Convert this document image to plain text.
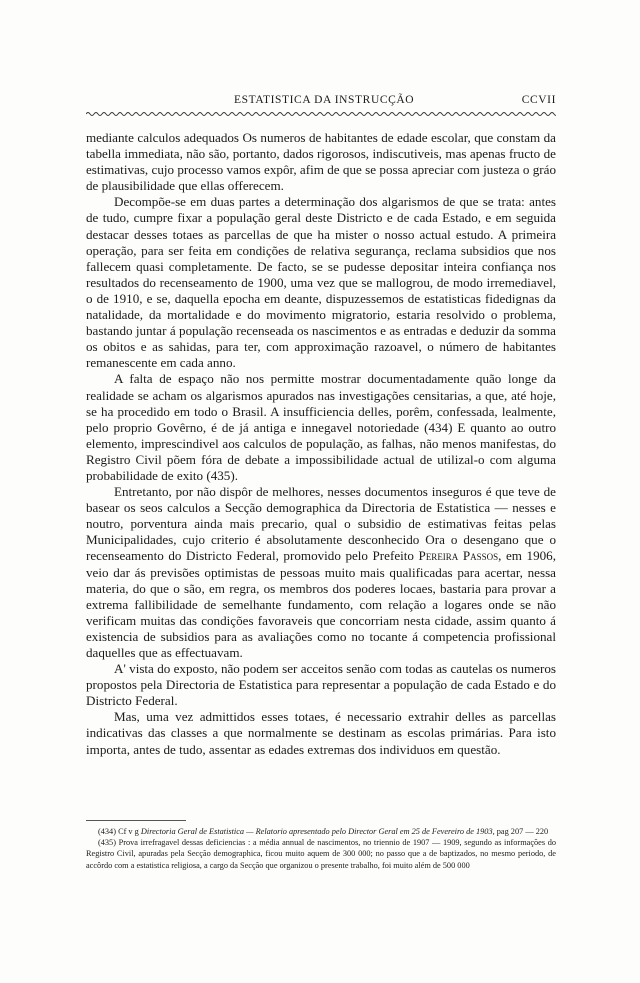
ESTATISTICA DA INSTRUCÇÃO	CCVII

mediante calculos adequados Os numeros de habitantes de edade escolar, que constam da tabella immediata, não são, portanto, dados rigorosos, indiscutiveis, mas apenas fructo de estimativas, cujo processo vamos expôr, afim de que se possa apreciar com justeza o gráo de plausibilidade que ellas offerecem.

Decompõe-se em duas partes a determinação dos algarismos de que se trata: antes de tudo, cumpre fixar a população geral deste Districto e de cada Estado, e em seguida destacar desses totaes as parcellas de que ha mister o nosso actual estudo. A primeira operação, para ser feita em condições de relativa segurança, reclama subsidios que nos fallecem quasi completamente. De facto, se se pudesse depositar inteira confiança nos resultados do recenseamento de 1900, uma vez que se mallogrou, de modo irremediavel, o de 1910, e se, daquella epocha em deante, dispuzessemos de estatisticas fidedignas da natalidade, da mortalidade e do movimento migratorio, estaria resolvido o problema, bastando juntar á população recenseada os nascimentos e as entradas e deduzir da somma os obitos e as sahidas, para ter, com approximação razoavel, o número de habitantes remanescente em cada anno.

A falta de espaço não nos permitte mostrar documentadamente quão longe da realidade se acham os algarismos apurados nas investigações censitarias, a que, até hoje, se ha procedido em todo o Brasil. A insufficiencia delles, porêm, confessada, lealmente, pelo proprio Govêrno, é de já antiga e innegavel notoriedade (434) E quanto ao outro elemento, imprescindivel aos calculos de população, as falhas, não menos manifestas, do Registro Civil põem fóra de debate a impossibilidade actual de utilizal-o com alguma probabilidade de exito (435).

Entretanto, por não dispôr de melhores, nesses documentos inseguros é que teve de basear os seos calculos a Secção demographica da Directoria de Estatistica — nesses e noutro, porventura ainda mais precario, qual o subsidio de estimativas feitas pelas Municipalidades, cujo criterio é absolutamente desconhecido Ora o desengano que o recenseamento do Districto Federal, promovido pelo Prefeito Pereira Passos, em 1906, veio dar ás previsões optimistas de pessoas muito mais qualificadas para acertar, nessa materia, do que o são, em regra, os membros dos poderes locaes, bastaria para provar a extrema fallibilidade de semelhante fundamento, com relação a logares onde se não verificam muitas das condições favoraveis que concorriam nesta cidade, assim quanto á existencia de subsidios para as avaliações como no tocante á competencia profissional daquelles que as effectuavam.

A' vista do exposto, não podem ser acceitos senão com todas as cautelas os numeros propostos pela Directoria de Estatistica para representar a população de cada Estado e do Districto Federal.

Mas, uma vez admittidos esses totaes, é necessario extrahir delles as parcellas indicativas das classes a que normalmente se destinam as escolas primárias. Para isto importa, antes de tudo, assentar as edades extremas dos individuos em questão.

(434) Cf v g Directoria Geral de Estatistica — Relatorio apresentado pelo Director Geral em 25 de Fevereiro de 1903, pag 207 — 220

(435) Prova irrefragavel dessas deficiencias : a média annual de nascimentos, no triennio de 1907 — 1909, segundo as informações do Registro Civil, apuradas pela Secção demographica, ficou muito aquem de 300 000; no passo que a de baptizados, no mesmo periodo, de accôrdo com a estatistica religiosa, a cargo da Secção que organizou o presente trabalho, foi muito além de 500 000
